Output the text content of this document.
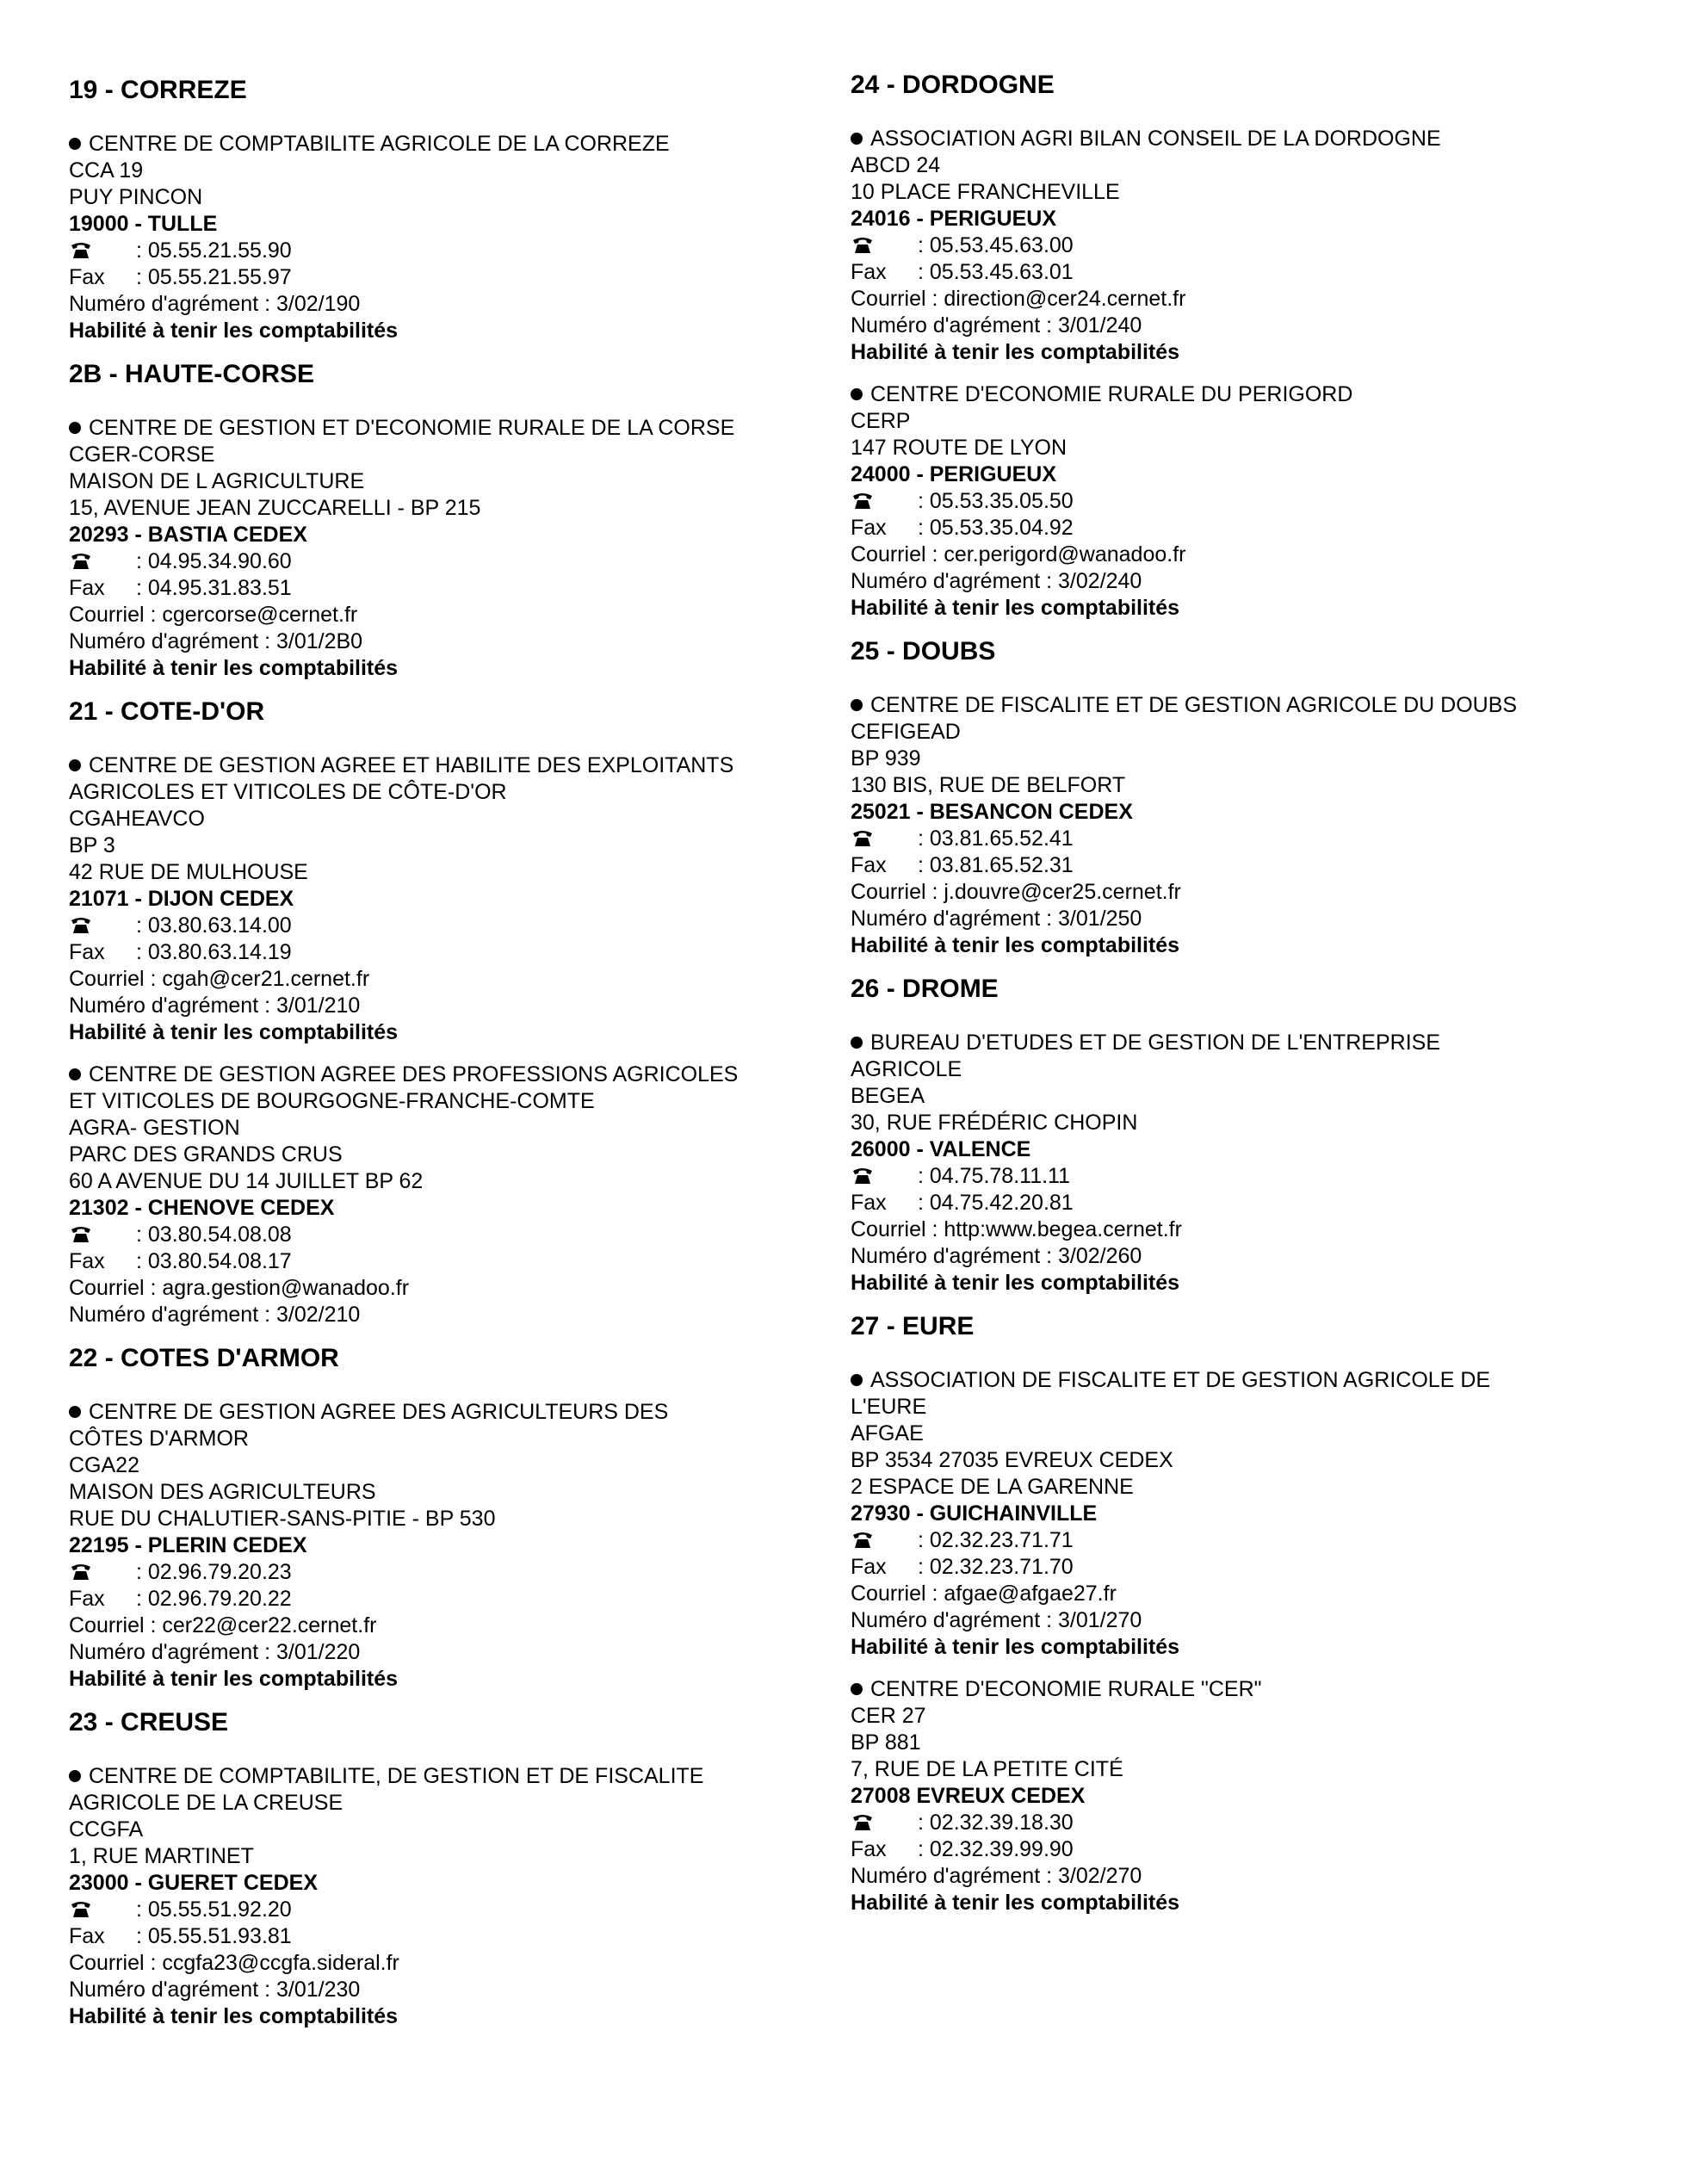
19 - CORREZE
CENTRE DE COMPTABILITE AGRICOLE DE LA CORREZE
CCA 19
PUY PINCON
19000 - TULLE
: 05.55.21.55.90
Fax	: 05.55.21.55.97
Numéro d'agrément : 3/02/190
Habilité à tenir les comptabilités
2B - HAUTE-CORSE
CENTRE DE GESTION ET D'ECONOMIE RURALE DE LA CORSE
CGER-CORSE
MAISON DE L AGRICULTURE
15, AVENUE JEAN ZUCCARELLI - BP 215
20293 - BASTIA CEDEX
: 04.95.34.90.60
Fax	: 04.95.31.83.51
Courriel : cgercorse@cernet.fr
Numéro d'agrément : 3/01/2B0
Habilité à tenir les comptabilités
21 - COTE-D'OR
CENTRE DE GESTION AGREE ET HABILITE DES EXPLOITANTS
AGRICOLES ET VITICOLES DE CÔTE-D'OR
CGAHEAVCO
BP 3
42 RUE DE MULHOUSE
21071 - DIJON CEDEX
: 03.80.63.14.00
Fax	: 03.80.63.14.19
Courriel : cgah@cer21.cernet.fr
Numéro d'agrément : 3/01/210
Habilité à tenir les comptabilités
CENTRE DE GESTION AGREE DES PROFESSIONS AGRICOLES
ET VITICOLES DE BOURGOGNE-FRANCHE-COMTE
AGRA- GESTION
PARC DES GRANDS CRUS
60 A AVENUE DU 14 JUILLET BP 62
21302 - CHENOVE CEDEX
: 03.80.54.08.08
Fax	: 03.80.54.08.17
Courriel : agra.gestion@wanadoo.fr
Numéro d'agrément : 3/02/210
22 - COTES D'ARMOR
CENTRE DE GESTION AGREE DES AGRICULTEURS DES
CÔTES D'ARMOR
CGA22
MAISON DES AGRICULTEURS
RUE DU CHALUTIER-SANS-PITIE - BP 530
22195 - PLERIN CEDEX
: 02.96.79.20.23
Fax	: 02.96.79.20.22
Courriel : cer22@cer22.cernet.fr
Numéro d'agrément : 3/01/220
Habilité à tenir les comptabilités
23 - CREUSE
CENTRE DE COMPTABILITE, DE GESTION ET DE FISCALITE
AGRICOLE DE LA CREUSE
CCGFA
1, RUE MARTINET
23000 - GUERET CEDEX
: 05.55.51.92.20
Fax	: 05.55.51.93.81
Courriel : ccgfa23@ccgfa.sideral.fr
Numéro d'agrément : 3/01/230
Habilité à tenir les comptabilités
24 - DORDOGNE
ASSOCIATION AGRI BILAN CONSEIL DE LA DORDOGNE
ABCD 24
10 PLACE FRANCHEVILLE
24016 - PERIGUEUX
: 05.53.45.63.00
Fax	: 05.53.45.63.01
Courriel : direction@cer24.cernet.fr
Numéro d'agrément : 3/01/240
Habilité à tenir les comptabilités
CENTRE D'ECONOMIE RURALE DU PERIGORD
CERP
147 ROUTE DE LYON
24000 - PERIGUEUX
: 05.53.35.05.50
Fax	: 05.53.35.04.92
Courriel : cer.perigord@wanadoo.fr
Numéro d'agrément : 3/02/240
Habilité à tenir les comptabilités
25 - DOUBS
CENTRE DE FISCALITE ET DE GESTION AGRICOLE DU DOUBS
CEFIGEAD
BP 939
130 BIS, RUE DE BELFORT
25021 - BESANCON CEDEX
: 03.81.65.52.41
Fax	: 03.81.65.52.31
Courriel : j.douvre@cer25.cernet.fr
Numéro d'agrément : 3/01/250
Habilité à tenir les comptabilités
26 - DROME
BUREAU D'ETUDES ET DE GESTION DE L'ENTREPRISE
AGRICOLE
BEGEA
30, RUE FRÉDÉRIC CHOPIN
26000 - VALENCE
: 04.75.78.11.11
Fax	: 04.75.42.20.81
Courriel : http:www.begea.cernet.fr
Numéro d'agrément : 3/02/260
Habilité à tenir les comptabilités
27 - EURE
ASSOCIATION DE FISCALITE ET DE GESTION AGRICOLE DE
L'EURE
AFGAE
BP 3534 27035 EVREUX CEDEX
2 ESPACE DE LA GARENNE
27930 - GUICHAINVILLE
: 02.32.23.71.71
Fax	: 02.32.23.71.70
Courriel : afgae@afgae27.fr
Numéro d'agrément : 3/01/270
Habilité à tenir les comptabilités
CENTRE D'ECONOMIE RURALE "CER"
CER 27
BP 881
7, RUE DE LA PETITE CITÉ
27008 EVREUX CEDEX
: 02.32.39.18.30
Fax	: 02.32.39.99.90
Numéro d'agrément : 3/02/270
Habilité à tenir les comptabilités
